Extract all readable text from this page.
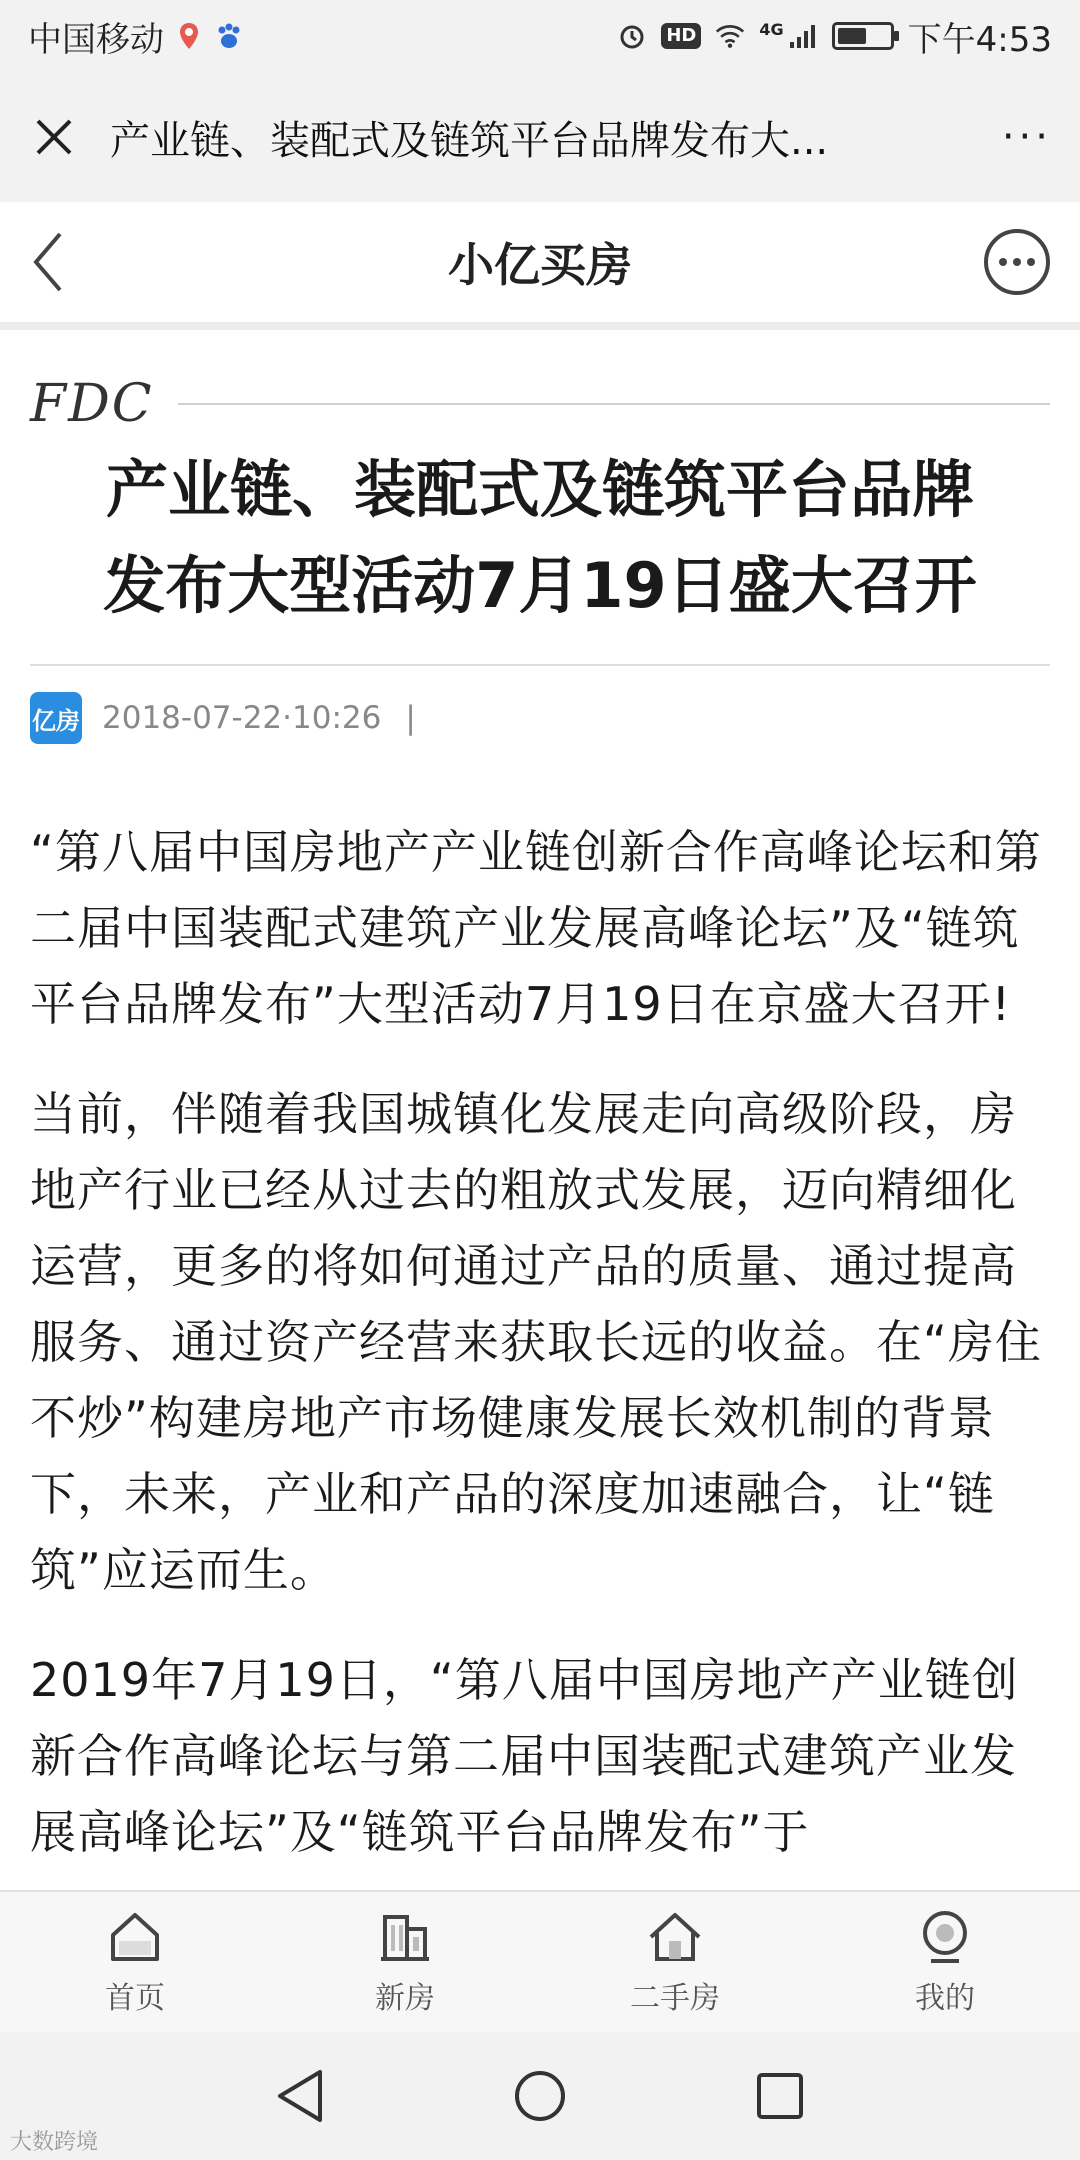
中国移动	HD	4G	下午4:53
产业链、装配式及链筑平台品牌发布大...	···
小亿买房
FDC
产业链、装配式及链筑平台品牌
发布大型活动7月19日盛大召开
亿房 2018-07-22·10:26 |

“第八届中国房地产产业链创新合作高峰论坛和第二届中国装配式建筑产业发展高峰论坛”及“链筑平台品牌发布”大型活动7月19日在京盛大召开!

当前，伴随着我国城镇化发展走向高级阶段，房地产行业已经从过去的粗放式发展，迈向精细化运营，更多的将如何通过产品的质量、通过提高服务、通过资产经营来获取长远的收益。在“房住不炒”构建房地产市场健康发展长效机制的背景下，未来，产业和产品的深度加速融合，让“链筑”应运而生。

2019年7月19日，“第八届中国房地产产业链创新合作高峰论坛与第二届中国装配式建筑产业发展高峰论坛”及“链筑平台品牌发布”于

首页	新房	二手房	我的
大数跨境
